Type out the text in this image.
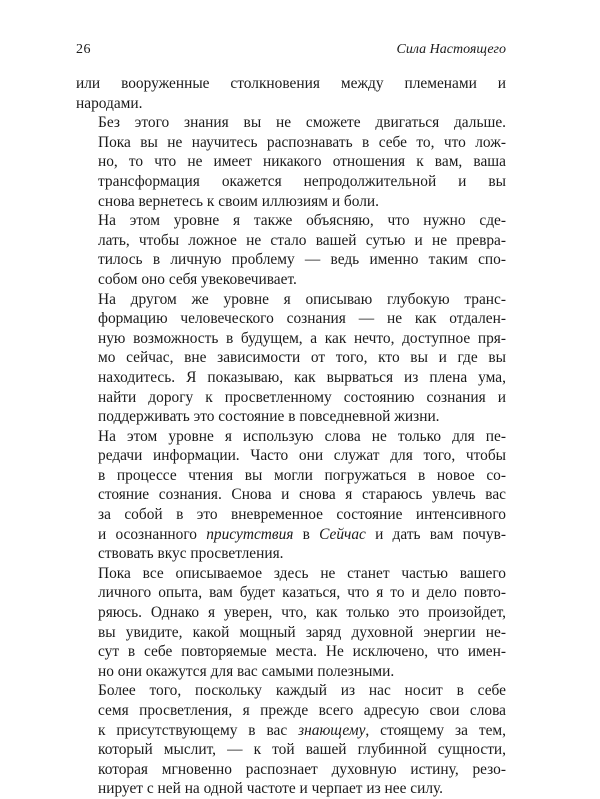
26	Сила Настоящего

или вооруженные столкновения между племенами и
народами.

Без этого знания вы не сможете двигаться дальше.
Пока вы не научитесь распознавать в себе то, что лож-
но, то что не имеет никакого отношения к вам, ваша
трансформация окажется непродолжительной и вы
снова вернетесь к своим иллюзиям и боли.

На этом уровне я также объясняю, что нужно сде-
лать, чтобы ложное не стало вашей сутью и не преврa-
тилось в личную проблему — ведь именно таким спо-
собом оно себя увековечивает.

На другом же уровне я описываю глубокую транс-
формацию человеческого сознания — не как отдален-
ную возможность в будущем, а как нечто, доступное пря-
мо сейчас, вне зависимости от того, кто вы и где вы
находитесь. Я показываю, как вырваться из плена ума,
найти дорогу к просветленному состоянию сознания и
поддерживать это состояние в повседневной жизни.

На этом уровне я использую слова не только для пе-
редачи информации. Часто они служат для того, чтобы
в процессе чтения вы могли погружаться в новое со-
стояние сознания. Снова и снова я стараюсь увлечь вас
за собой в это вневременное состояние интенсивного
и осознанного присутствия в Сейчас и дать вам почув-
ствовать вкус просветления.

Пока все описываемое здесь не станет частью вашего
личного опыта, вам будет казаться, что я то и дело повто-
ряюсь. Однако я уверен, что, как только это произойдет,
вы увидите, какой мощный заряд духовной энергии не-
сут в себе повторяемые места. Не исключено, что имен-
но они окажутся для вас самыми полезными.

Более того, поскольку каждый из нас носит в себе
семя просветления, я прежде всего адресую свои слова
к присутствующему в вас знающему, стоящему за тем,
который мыслит, — к той вашей глубинной сущности,
которая мгновенно распознает духовную истину, резо-
нирует с ней на одной частоте и черпает из нее силу.
